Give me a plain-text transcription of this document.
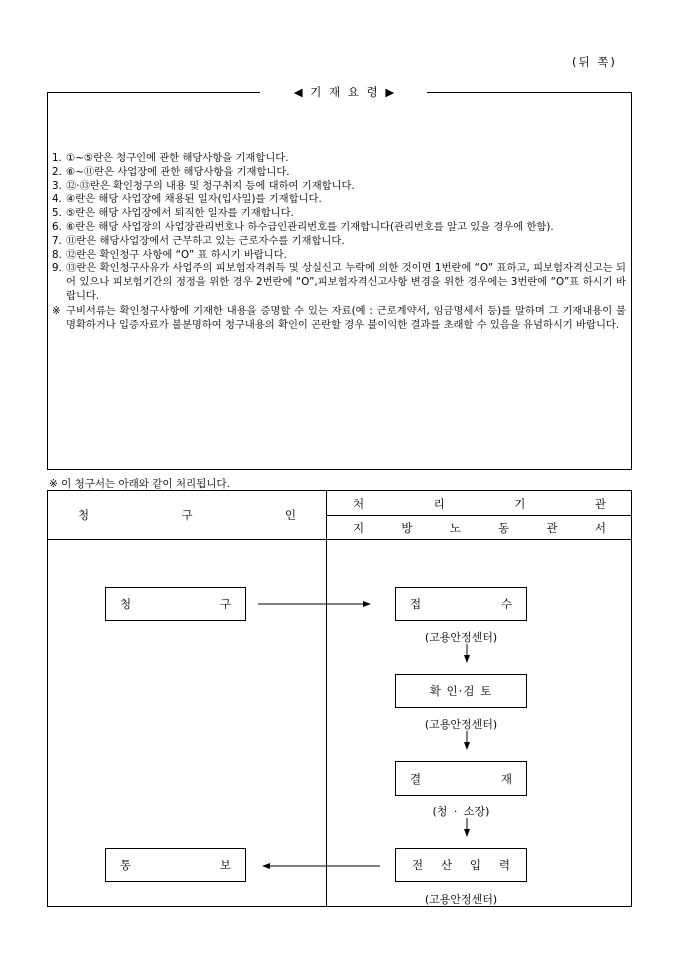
(뒤 쪽)
◀ 기 재 요 령 ▶
1. ①~⑤란은 청구인에 관한 해당사항을 기재합니다.
2. ⑥~⑪란은 사업장에 관한 해당사항을 기재합니다.
3. ⑫·⑬란은 확인청구의 내용 및 청구취지 등에 대하여 기재합니다.
4. ④란은 해당 사업장에 채용된 일자(입사일)를 기재합니다.
5. ⑤란은 해당 사업장에서 퇴직한 일자를 기재합니다.
6. ⑥란은 해당 사업장의 사업장관리번호나 하수급인관리번호를 기재합니다(관리번호를 알고 있을 경우에 한함).
7. ⑪란은 해당사업장에서 근무하고 있는 근로자수를 기재합니다.
8. ⑫란은 확인청구 사항에 “O” 표 하시기 바랍니다.
9. ⑬란은 확인청구사유가 사업주의 피보험자격취득 및 상실신고 누락에 의한 것이면 1번란에 “O” 표하고, 피보험자격신고는 되어 있으나 피보험기간의 정정을 위한 경우 2번란에 “O”,피보험자격신고사항 변경을 위한 경우에는 3번란에 “O”표 하시기 바랍니다.
※ 구비서류는 확인청구사항에 기재한 내용을 증명할 수 있는 자료(예 : 근로계약서, 임금명세서 등)를 말하며 그 기재내용이 불명확하거나 입증자료가 불분명하여 청구내용의 확인이 곤란할 경우 불이익한 결과를 초래할 수 있음을 유념하시기 바랍니다.
※ 이 청구서는 아래와 같이 처리됩니다.
청	구	인
처	리	기	관
지	방	노	동	관	서
청	구	접	수
(고용안정센터)
확 인·검 토
(고용안정센터)
결	재
(청 · 소장)
전 산 입 력
(고용안정센터)
통	보
